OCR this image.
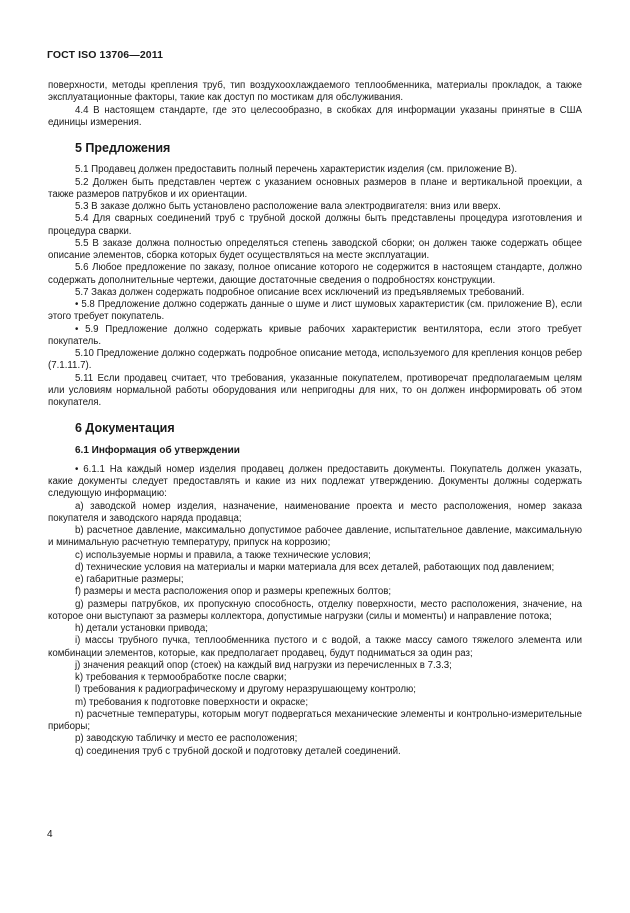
ГОСТ ISO 13706—2011

поверхности, методы крепления труб, тип воздухоохлаждаемого теплообменника, материалы прокладок, а также эксплуатационные факторы, такие как доступ по мостикам для обслуживания.

4.4 В настоящем стандарте, где это целесообразно, в скобках для информации указаны принятые в США единицы измерения.

5 Предложения

5.1 Продавец должен предоставить полный перечень характеристик изделия (см. приложение В).

5.2 Должен быть представлен чертеж с указанием основных размеров в плане и вертикальной проекции, а также размеров патрубков и их ориентации.

5.3 В заказе должно быть установлено расположение вала электродвигателя: вниз или вверх.

5.4 Для сварных соединений труб с трубной доской должны быть представлены процедура изготовления и процедура сварки.

5.5 В заказе должна полностью определяться степень заводской сборки; он должен также содержать общее описание элементов, сборка которых будет осуществляться на месте эксплуатации.

5.6 Любое предложение по заказу, полное описание которого не содержится в настоящем стандарте, должно содержать дополнительные чертежи, дающие достаточные сведения о подробностях конструкции.

5.7 Заказ должен содержать подробное описание всех исключений из предъявляемых требований.

• 5.8 Предложение должно содержать данные о шуме и лист шумовых характеристик (см. приложение В), если этого требует покупатель.

• 5.9 Предложение должно содержать кривые рабочих характеристик вентилятора, если этого требует покупатель.

5.10 Предложение должно содержать подробное описание метода, используемого для крепления концов ребер (7.1.11.7).

5.11 Если продавец считает, что требования, указанные покупателем, противоречат предполагаемым целям или условиям нормальной работы оборудования или непригодны для них, то он должен информировать об этом покупателя.

6 Документация

6.1 Информация об утверждении

• 6.1.1 На каждый номер изделия продавец должен предоставить документы. Покупатель должен указать, какие документы следует предоставлять и какие из них подлежат утверждению. Документы должны содержать следующую информацию:

a) заводской номер изделия, назначение, наименование проекта и место расположения, номер заказа покупателя и заводского наряда продавца;

b) расчетное давление, максимально допустимое рабочее давление, испытательное давление, максимальную и минимальную расчетную температуру, припуск на коррозию;

c) используемые нормы и правила, а также технические условия;

d) технические условия на материалы и марки материала для всех деталей, работающих под давлением;

e) габаритные размеры;

f) размеры и места расположения опор и размеры крепежных болтов;

g) размеры патрубков, их пропускную способность, отделку поверхности, место расположения, значение, на которое они выступают за размеры коллектора, допустимые нагрузки (силы и моменты) и направление потока;

h) детали установки привода;

i) массы трубного пучка, теплообменника пустого и с водой, а также массу самого тяжелого элемента или комбинации элементов, которые, как предполагает продавец, будут подниматься за один раз;

j) значения реакций опор (стоек) на каждый вид нагрузки из перечисленных в 7.3.3;

k) требования к термообработке после сварки;

l) требования к радиографическому и другому неразрушающему контролю;

m) требования к подготовке поверхности и окраске;

n) расчетные температуры, которым могут подвергаться механические элементы и контрольно-измерительные приборы;

p) заводскую табличку и место ее расположения;

q) соединения труб с трубной доской и подготовку деталей соединений.

4
